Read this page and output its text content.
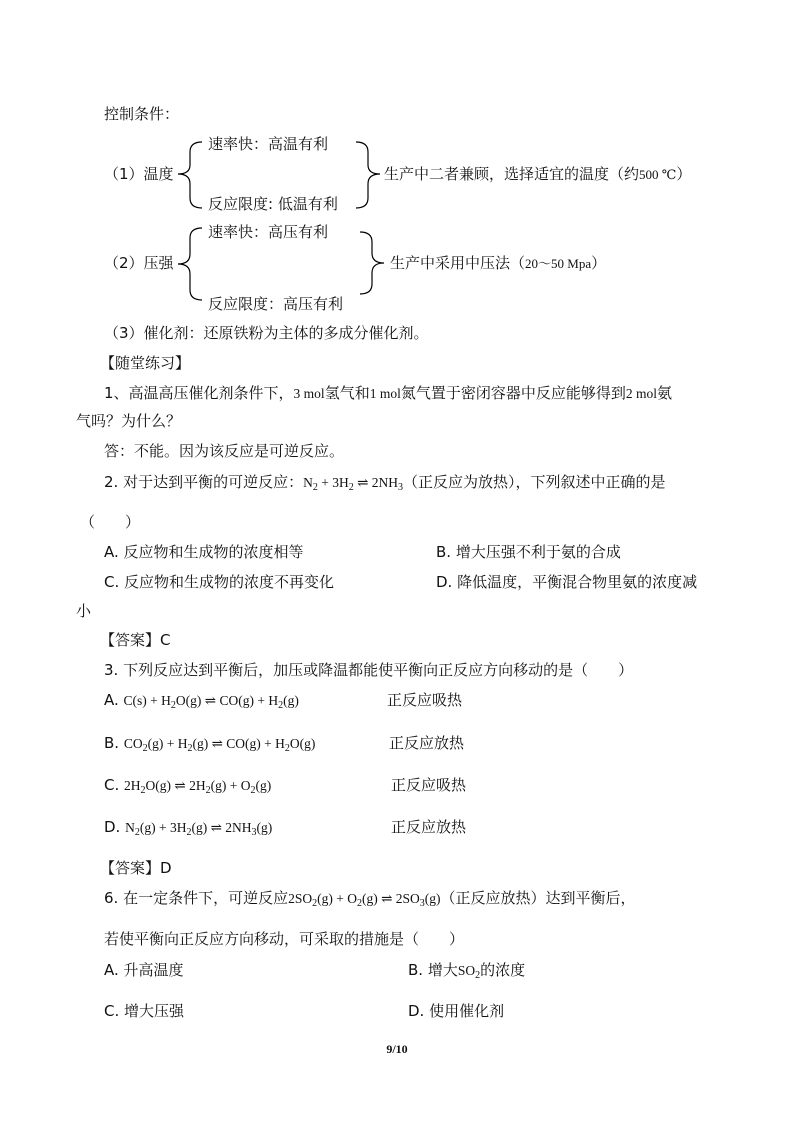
控制条件：
速率快：高温有利
（1）温度
反应限度: 低温有利
生产中二者兼顾，选择适宜的温度（约500 ℃）
速率快：高压有利
（2）压强
反应限度：高压有利
生产中采用中压法（20～50 Mpa）
（3）催化剂：还原铁粉为主体的多成分催化剂。
【随堂练习】
1、高温高压催化剂条件下，3 mol氢气和1 mol氮气置于密闭容器中反应能够得到2 mol氨
气吗？为什么？
答：不能。因为该反应是可逆反应。
2. 对于达到平衡的可逆反应：$N_2 + 3H_2$ ⇌ $2NH_3$（正反应为放热），下列叙述中正确的是
（　　）
A. 反应物和生成物的浓度相等	B. 增大压强不利于氨的合成
C. 反应物和生成物的浓度不再变化	D. 降低温度，平衡混合物里氨的浓度减
小
【答案】C
3. 下列反应达到平衡后，加压或降温都能使平衡向正反应方向移动的是（　　）
A. $C(s) + H_2O(g)$ ⇌ $CO(g) + H_2(g)$	正反应吸热
B. $CO_2(g) + H_2(g)$ ⇌ $CO(g) + H_2O(g)$	正反应放热
C. $2H_2O(g)$ ⇌ $2H_2(g) + O_2(g)$	正反应吸热
D. $N_2(g) + 3H_2(g)$ ⇌ $2NH_3(g)$	正反应放热
【答案】D
6. 在一定条件下，可逆反应$2SO_2(g) + O_2(g)$ ⇌ $2SO_3(g)$（正反应放热）达到平衡后，
若使平衡向正反应方向移动，可采取的措施是（　　）
A. 升高温度	B. 增大$SO_2$的浓度
C. 增大压强	D. 使用催化剂
9/10
